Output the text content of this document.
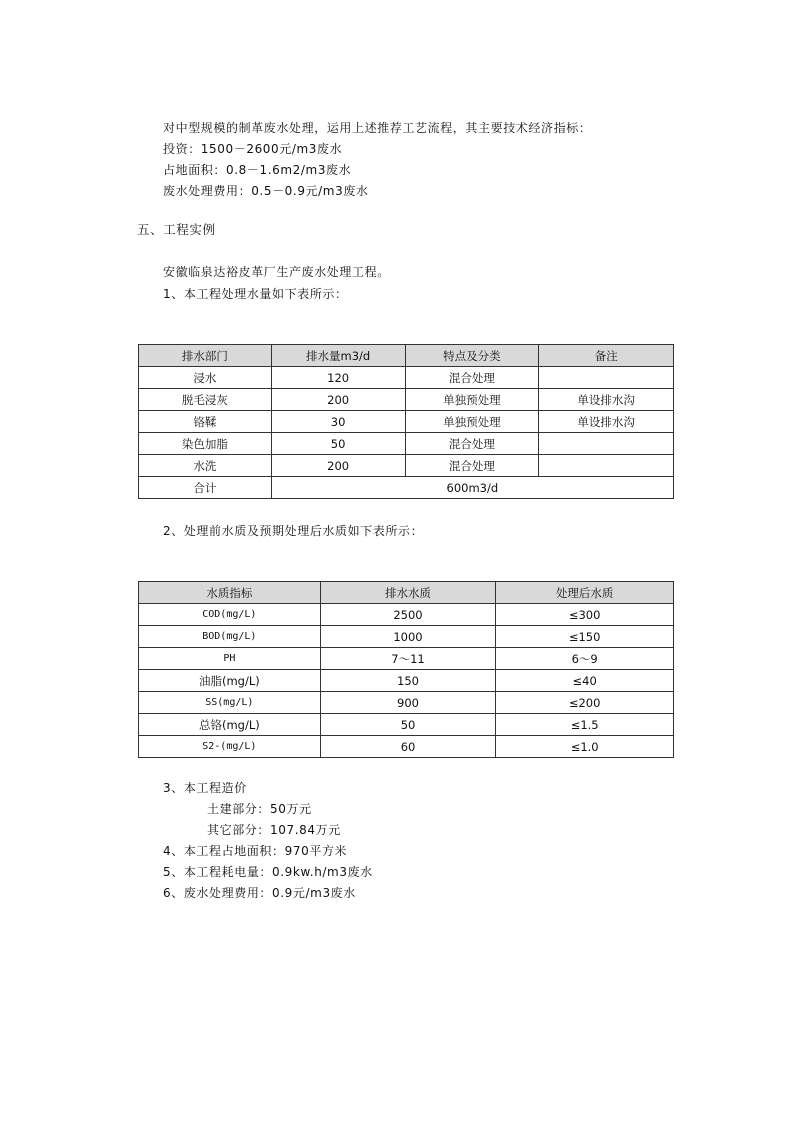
对中型规模的制革废水处理，运用上述推荐工艺流程，其主要技术经济指标：
投资：1500－2600元/m3废水
占地面积：0.8－1.6m2/m3废水
废水处理费用：0.5－0.9元/m3废水
五、工程实例
安徽临泉达裕皮革厂生产废水处理工程。
1、本工程处理水量如下表所示：
排水部门	排水量m3/d	特点及分类	备注
浸水	120	混合处理	
脱毛浸灰	200	单独预处理	单设排水沟
铬鞣	30	单独预处理	单设排水沟
染色加脂	50	混合处理	
水洗	200	混合处理	
合计	600m3/d		
2、处理前水质及预期处理后水质如下表所示：
水质指标	排水水质	处理后水质
COD(mg/L)	2500	≤300
BOD(mg/L)	1000	≤150
PH	7～11	6～9
油脂(mg/L)	150	≤40
SS(mg/L)	900	≤200
总铬(mg/L)	50	≤1.5
S2-(mg/L)	60	≤1.0
3、本工程造价
土建部分：50万元
其它部分：107.84万元
4、本工程占地面积：970平方米
5、本工程耗电量：0.9kw.h/m3废水
6、废水处理费用：0.9元/m3废水
